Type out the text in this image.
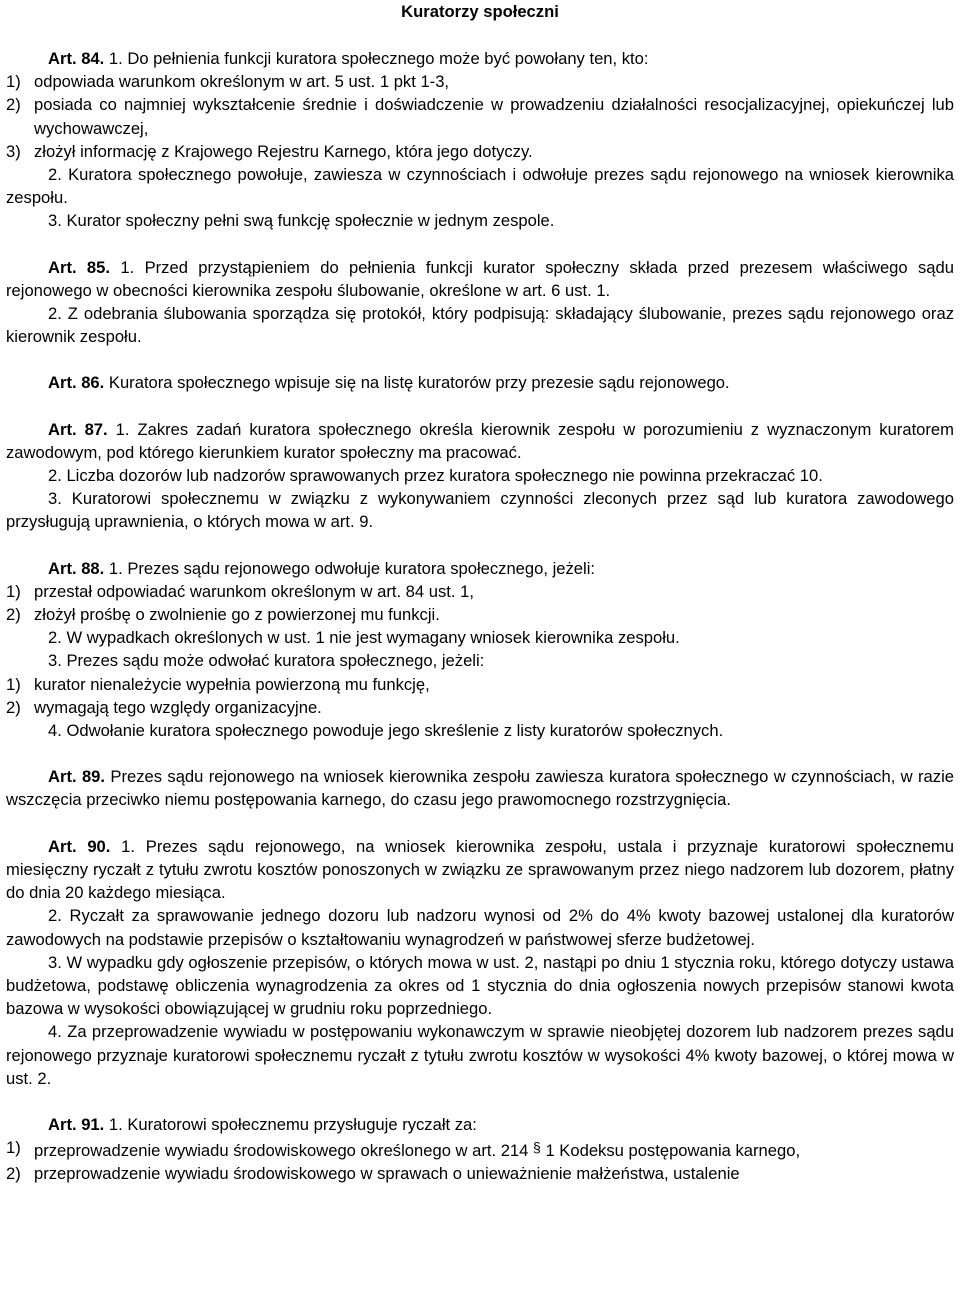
Kuratorzy społeczni

Art. 84. 1. Do pełnienia funkcji kuratora społecznego może być powołany ten, kto:

1) odpowiada warunkom określonym w art. 5 ust. 1 pkt 1-3,
2) posiada co najmniej wykształcenie średnie i doświadczenie w prowadzeniu działalności resocjalizacyjnej, opiekuńczej lub wychowawczej,
3) złożył informację z Krajowego Rejestru Karnego, która jego dotyczy.

2. Kuratora społecznego powołuje, zawiesza w czynnościach i odwołuje prezes sądu rejonowego na wniosek kierownika zespołu.

3. Kurator społeczny pełni swą funkcję społecznie w jednym zespole.

Art. 85. 1. Przed przystąpieniem do pełnienia funkcji kurator społeczny składa przed prezesem właściwego sądu rejonowego w obecności kierownika zespołu ślubowanie, określone w art. 6 ust. 1.

2. Z odebrania ślubowania sporządza się protokół, który podpisują: składający ślubowanie, prezes sądu rejonowego oraz kierownik zespołu.

Art. 86. Kuratora społecznego wpisuje się na listę kuratorów przy prezesie sądu rejonowego.

Art. 87. 1. Zakres zadań kuratora społecznego określa kierownik zespołu w porozumieniu z wyznaczonym kuratorem zawodowym, pod którego kierunkiem kurator społeczny ma pracować.

2. Liczba dozorów lub nadzorów sprawowanych przez kuratora społecznego nie powinna przekraczać 10.

3. Kuratorowi społecznemu w związku z wykonywaniem czynności zleconych przez sąd lub kuratora zawodowego przysługują uprawnienia, o których mowa w art. 9.

Art. 88. 1. Prezes sądu rejonowego odwołuje kuratora społecznego, jeżeli:

1) przestał odpowiadać warunkom określonym w art. 84 ust. 1,
2) złożył prośbę o zwolnienie go z powierzonej mu funkcji.

2. W wypadkach określonych w ust. 1 nie jest wymagany wniosek kierownika zespołu.

3. Prezes sądu może odwołać kuratora społecznego, jeżeli:

1) kurator nienależycie wypełnia powierzoną mu funkcję,
2) wymagają tego względy organizacyjne.

4. Odwołanie kuratora społecznego powoduje jego skreślenie z listy kuratorów społecznych.

Art. 89. Prezes sądu rejonowego na wniosek kierownika zespołu zawiesza kuratora społecznego w czynnościach, w razie wszczęcia przeciwko niemu postępowania karnego, do czasu jego prawomocnego rozstrzygnięcia.

Art. 90. 1. Prezes sądu rejonowego, na wniosek kierownika zespołu, ustala i przyznaje kuratorowi społecznemu miesięczny ryczałt z tytułu zwrotu kosztów ponoszonych w związku ze sprawowanym przez niego nadzorem lub dozorem, płatny do dnia 20 każdego miesiąca.

2. Ryczałt za sprawowanie jednego dozoru lub nadzoru wynosi od 2% do 4% kwoty bazowej ustalonej dla kuratorów zawodowych na podstawie przepisów o kształtowaniu wynagrodzeń w państwowej sferze budżetowej.

3. W wypadku gdy ogłoszenie przepisów, o których mowa w ust. 2, nastąpi po dniu 1 stycznia roku, którego dotyczy ustawa budżetowa, podstawę obliczenia wynagrodzenia za okres od 1 stycznia do dnia ogłoszenia nowych przepisów stanowi kwota bazowa w wysokości obowiązującej w grudniu roku poprzedniego.

4. Za przeprowadzenie wywiadu w postępowaniu wykonawczym w sprawie nieobjętej dozorem lub nadzorem prezes sądu rejonowego przyznaje kuratorowi społecznemu ryczałt z tytułu zwrotu kosztów w wysokości 4% kwoty bazowej, o której mowa w ust. 2.

Art. 91. 1. Kuratorowi społecznemu przysługuje ryczałt za:

1) przeprowadzenie wywiadu środowiskowego określonego w art. 214 § 1 Kodeksu postępowania karnego,
2) przeprowadzenie wywiadu środowiskowego w sprawach o unieważnienie małżeństwa, ustalenie
